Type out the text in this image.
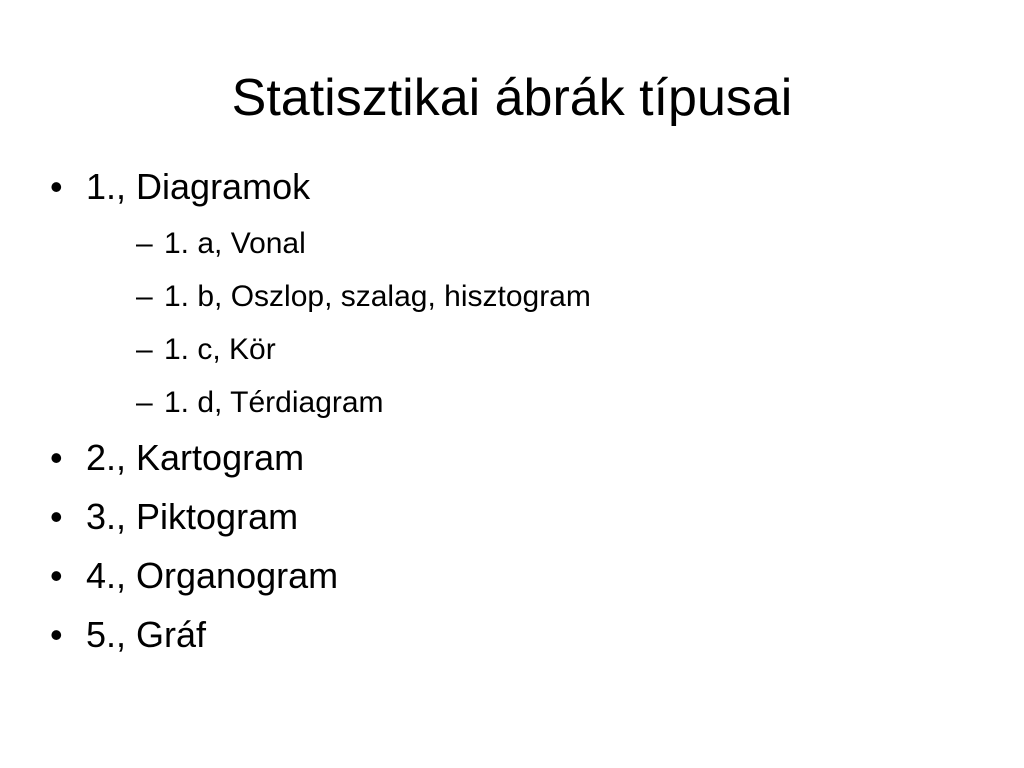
Statisztikai ábrák típusai
• 1., Diagramok
– 1. a, Vonal
– 1. b, Oszlop, szalag, hisztogram
– 1. c, Kör
– 1. d, Térdiagram
• 2., Kartogram
• 3., Piktogram
• 4., Organogram
• 5., Gráf
